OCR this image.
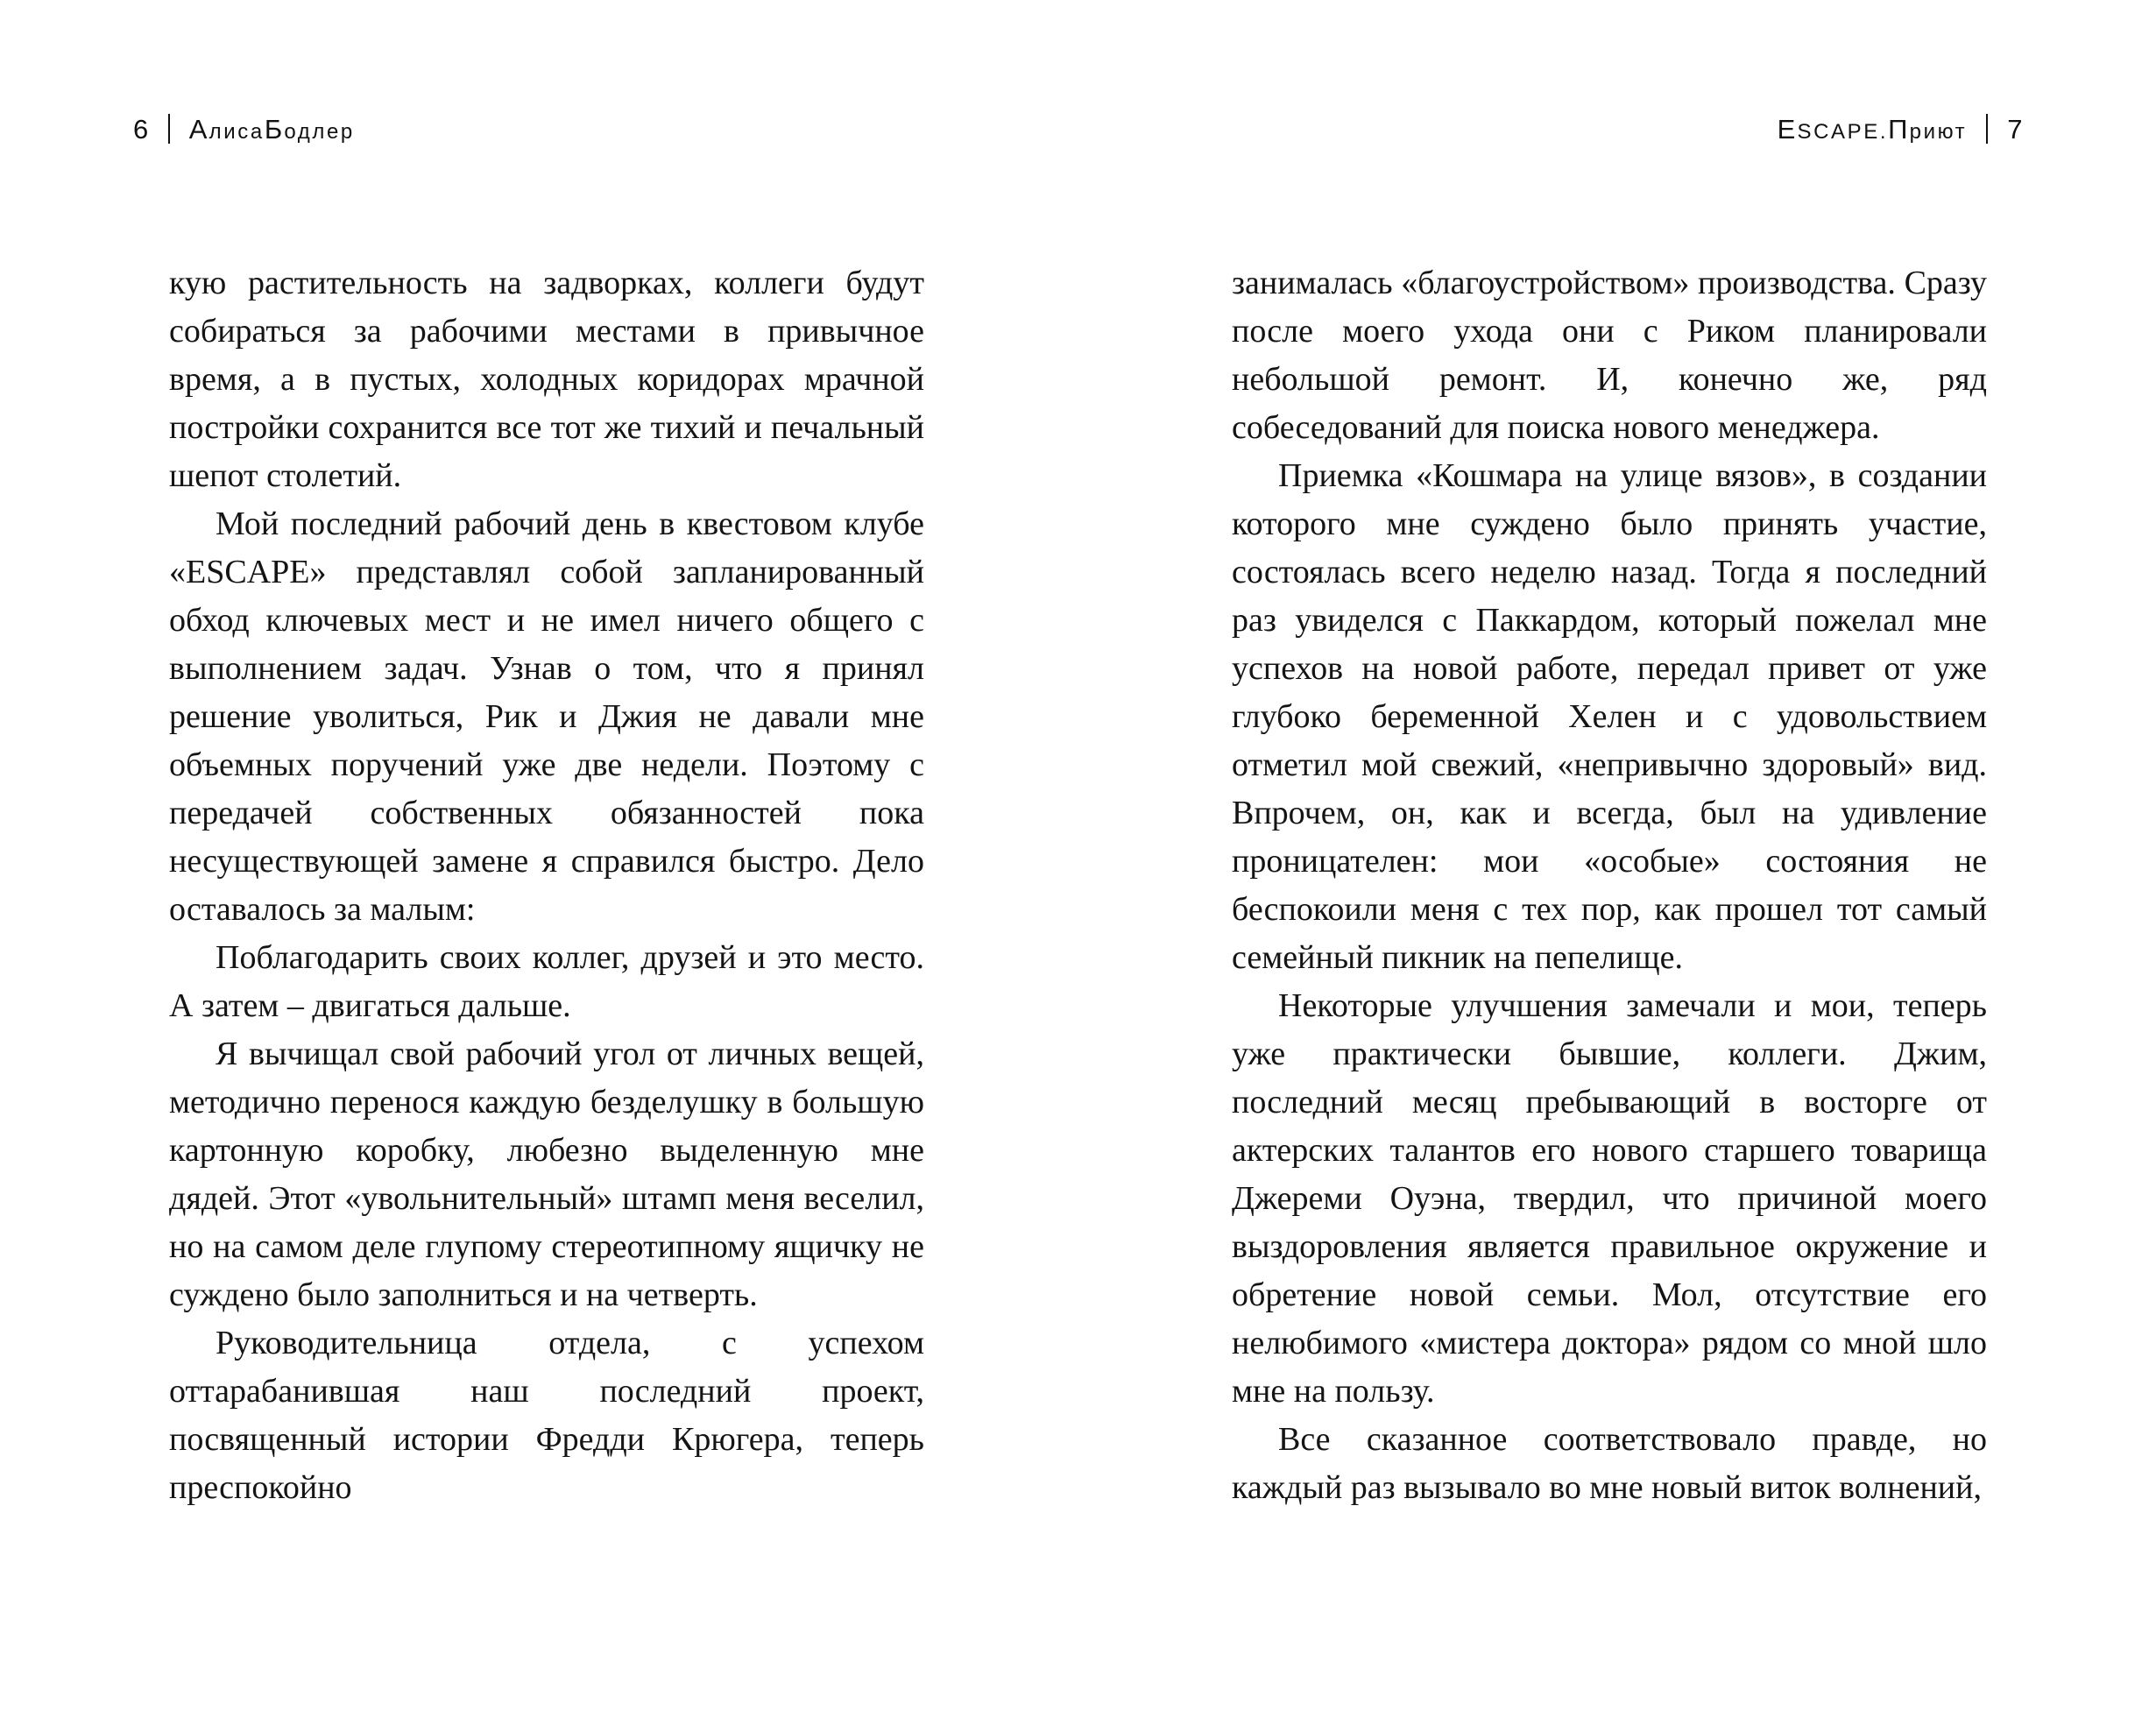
6 А лиса Б одлер	E SCAPE. П риют 7

кую растительность на задворках, коллеги будут собираться за рабочими местами в привычное время, а в пустых, холодных коридорах мрачной постройки сохранится все тот же тихий и печальный шепот столетий.

Мой последний рабочий день в квестовом клубе «ESCAPE» представлял собой запланированный обход ключевых мест и не имел ничего общего с выполнением задач. Узнав о том, что я принял решение уволиться, Рик и Джия не давали мне объемных поручений уже две недели. Поэтому с передачей собственных обязанностей пока несуществующей замене я справился быстро. Дело оставалось за малым:

Поблагодарить своих коллег, друзей и это место. А затем – двигаться дальше.

Я вычищал свой рабочий угол от личных вещей, методично перенося каждую безделушку в большую картонную коробку, любезно выделенную мне дядей. Этот «увольнительный» штамп меня веселил, но на самом деле глупому стереотипному ящичку не суждено было заполниться и на четверть.

Руководительница отдела, с успехом оттарабанившая наш последний проект, посвященный истории Фредди Крюгера, теперь преспокойно

занималась «благоустройством» производства. Сразу после моего ухода они с Риком планировали небольшой ремонт. И, конечно же, ряд собеседований для поиска нового менеджера.

Приемка «Кошмара на улице вязов», в создании которого мне суждено было принять участие, состоялась всего неделю назад. Тогда я последний раз увиделся с Паккардом, который пожелал мне успехов на новой работе, передал привет от уже глубоко беременной Хелен и с удовольствием отметил мой свежий, «непривычно здоровый» вид. Впрочем, он, как и всегда, был на удивление проницателен: мои «особые» состояния не беспокоили меня с тех пор, как прошел тот самый семейный пикник на пепелище.

Некоторые улучшения замечали и мои, теперь уже практически бывшие, коллеги. Джим, последний месяц пребывающий в восторге от актерских талантов его нового старшего товарища Джереми Оуэна, твердил, что причиной моего выздоровления является правильное окружение и обретение новой семьи. Мол, отсутствие его нелюбимого «мистера доктора» рядом со мной шло мне на пользу.

Все сказанное соответствовало правде, но каждый раз вызывало во мне новый виток волнений,
